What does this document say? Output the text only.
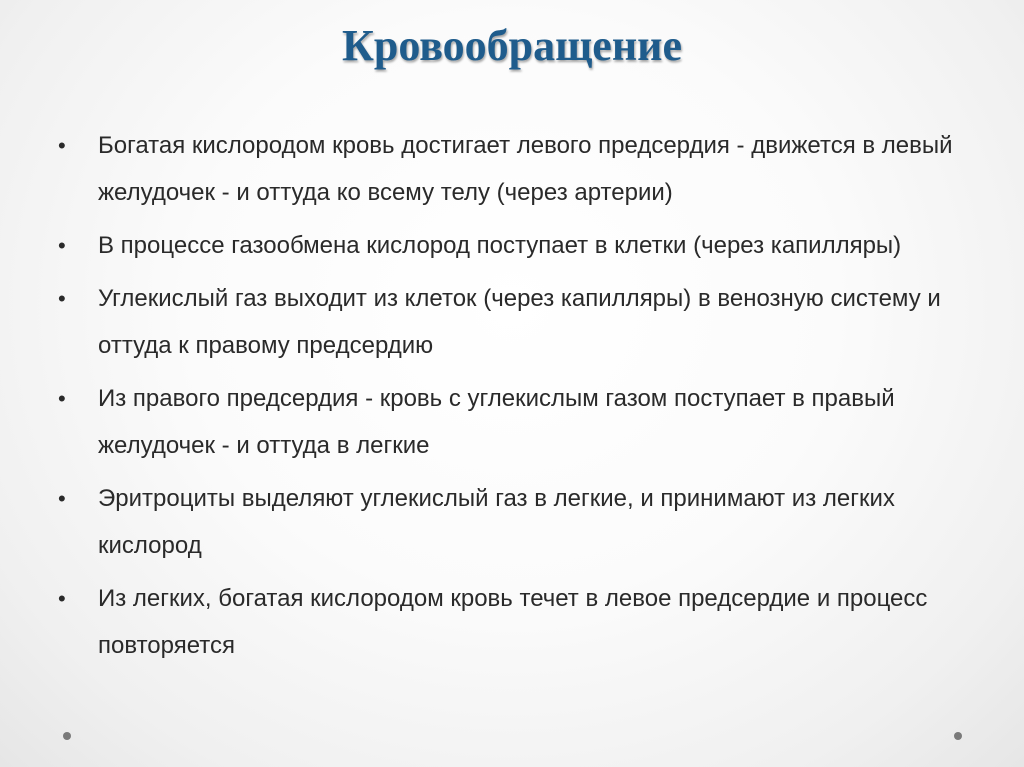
Кровообращение
•	Богатая кислородом кровь достигает левого предсердия - движется в левый желудочек - и оттуда ко всему телу (через артерии)
•	В процессе газообмена кислород поступает в клетки (через капилляры)
•	Углекислый газ выходит из клеток (через капилляры) в венозную систему и оттуда к правому предсердию
•	Из правого предсердия - кровь с углекислым газом поступает в правый желудочек - и оттуда в легкие
•	Эритроциты выделяют углекислый газ в легкие, и принимают из легких кислород
•	Из легких, богатая кислородом кровь течет в левое предсердие и процесс повторяется
